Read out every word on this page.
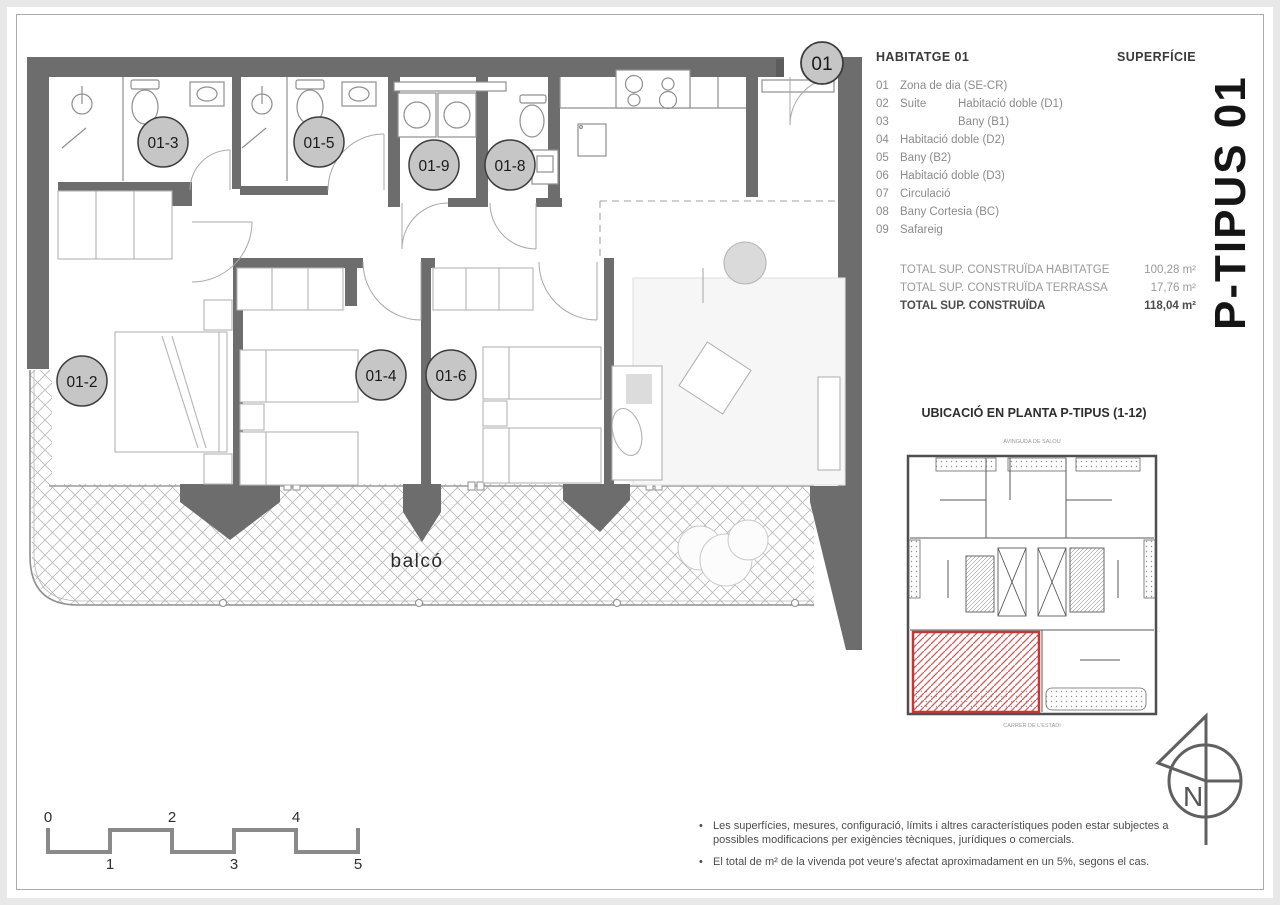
01
01-2
01-3	01-5
01-9	01-8
01-4	01-6
balcó
UBICACIÓ EN PLANTA P-TIPUS (1-12)
AVINGUDA DE SALOU
CARRER DE L'ESTADI
N
0
1
2
3
4
5
HABITATGE 01	SUPERFÍCIE
01 Zona de dia (SE-CR)
02 Suite	Habitació doble (D1)
03	Bany (B1)
04 Habitació doble (D2)
05 Bany (B2)
06 Habitació doble (D3)
07 Circulació
08 Bany Cortesia (BC)
09 Safareig
TOTAL SUP. CONSTRUÏDA HABITATGE	100,28 m²
TOTAL SUP. CONSTRUÏDA TERRASSA	17,76 m²
TOTAL SUP. CONSTRUÏDA	118,04 m² P-TIPUS 01
• Les superfícies, mesures, configuració, límits i altres característiques poden estar subjectes a possibles modificacions per exigències tècniques, jurídiques o comercials.
• El total de m² de la vivenda pot veure's afectat aproximadament en un 5%, segons el cas.
